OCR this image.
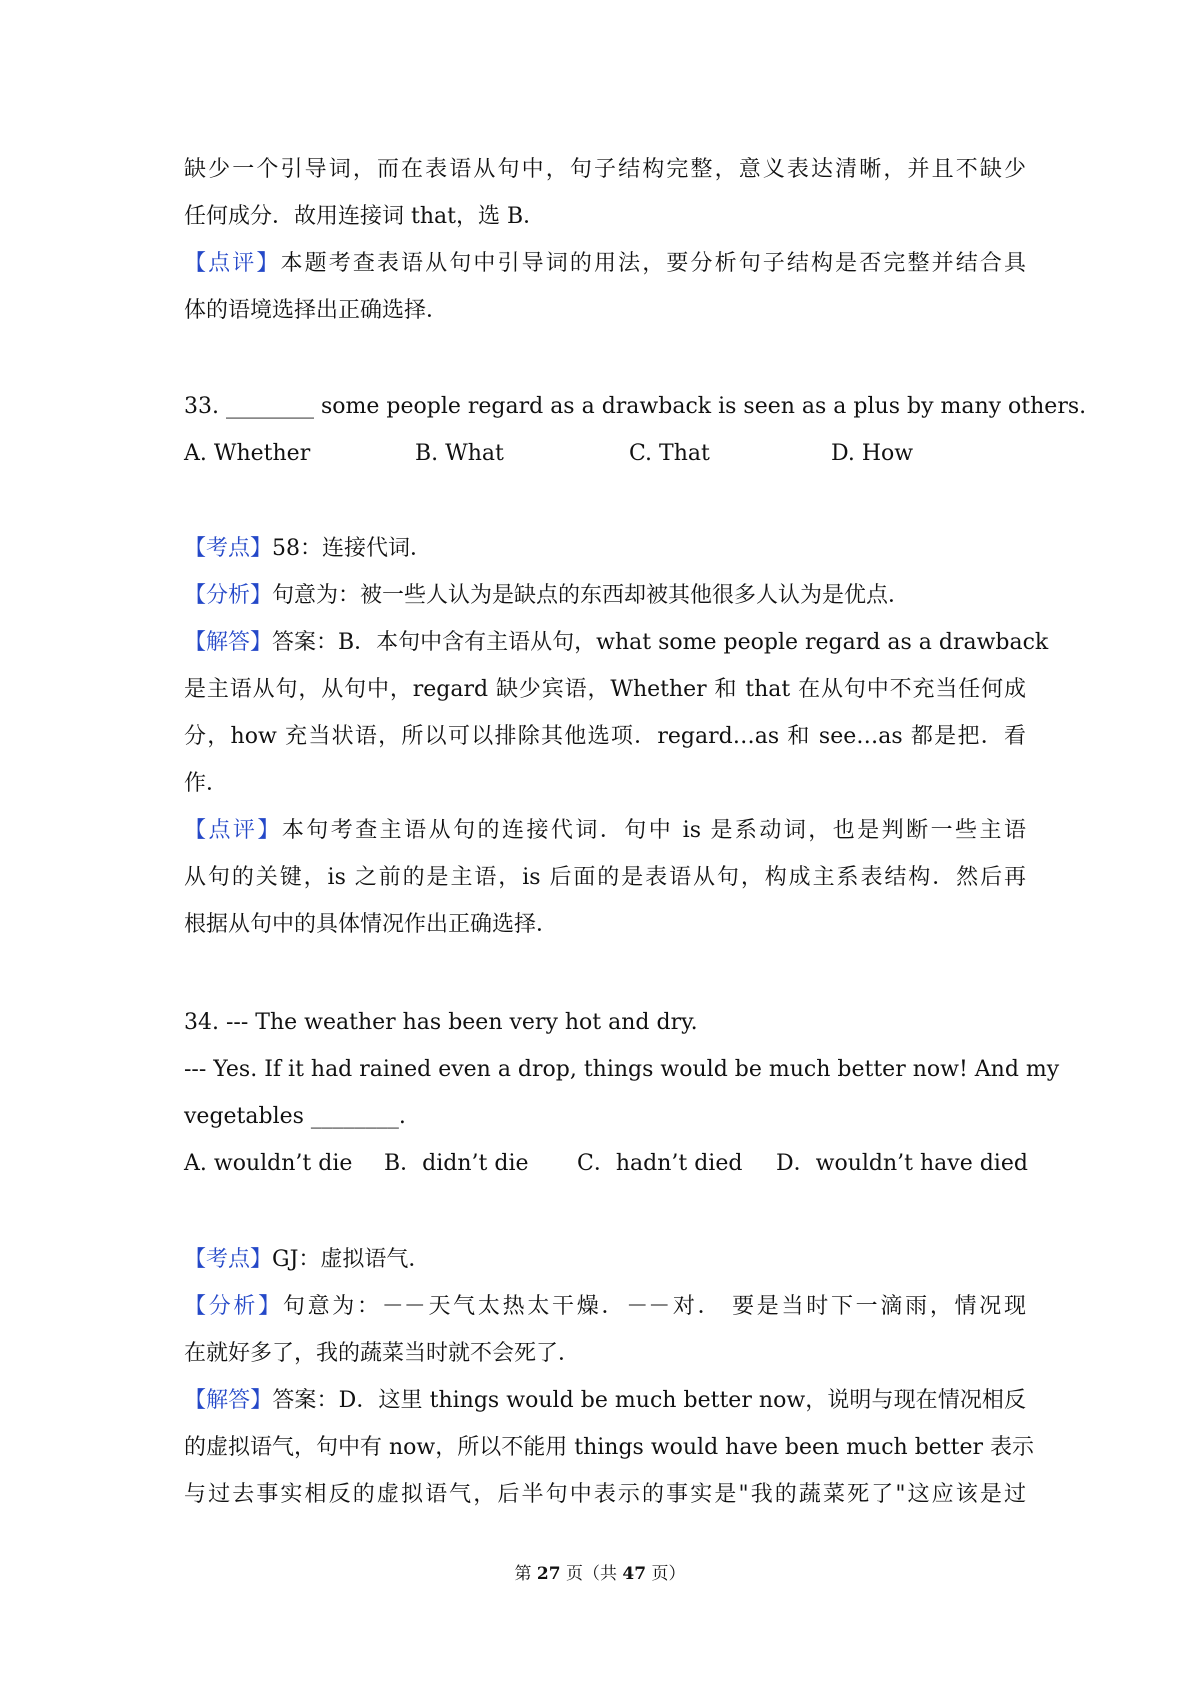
缺少一个引导词，而在表语从句中，句子结构完整，意义表达清晰，并且不缺少
任何成分．故用连接词 that，选 B．
【点评】本题考查表语从句中引导词的用法，要分析句子结构是否完整并结合具
体的语境选择出正确选择．
33. ________ some people regard as a drawback is seen as a plus by many others.
A. Whether	B. What	C. That	D. How
【考点】58：连接代词．
【分析】句意为：被一些人认为是缺点的东西却被其他很多人认为是优点．
【解答】答案：B．本句中含有主语从句，what some people regard as a drawback
是主语从句，从句中，regard 缺少宾语，Whether 和 that 在从句中不充当任何成
分，how 充当状语，所以可以排除其他选项．regard…as 和 see…as 都是把．看
作．
【点评】本句考查主语从句的连接代词．句中 is 是系动词，也是判断一些主语
从句的关键，is 之前的是主语，is 后面的是表语从句，构成主系表结构．然后再
根据从句中的具体情况作出正确选择．
34. --- The weather has been very hot and dry.
--- Yes. If it had rained even a drop, things would be much better now! And my
vegetables ________.
A. wouldn’t die B．didn’t die C．hadn’t died D．wouldn’t have died
【考点】GJ：虚拟语气．
【分析】句意为：－－天气太热太干燥．－－对． 要是当时下一滴雨，情况现
在就好多了，我的蔬菜当时就不会死了．
【解答】答案：D．这里 things would be much better now，说明与现在情况相反
的虚拟语气，句中有 now，所以不能用 things would have been much better 表示
与过去事实相反的虚拟语气，后半句中表示的事实是"我的蔬菜死了"这应该是过
第 27 页（共 47 页）
